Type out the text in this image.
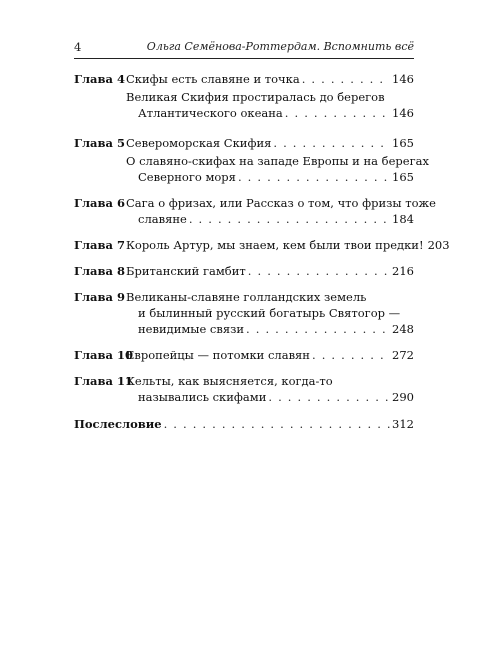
4	Ольга Семёнова-Роттердам. Вспомнить всё
Глава 4 Скифы есть славяне и точка . . .	146
Великая Скифия простиралась до берегов
Атлантического океана . . .	146
Глава 5 Североморская Скифия . . .	165
О славяно-скифах на западе Европы и на берегах
Северного моря . . .	165
Глава 6 Сага о фризах, или Рассказ о том, что фризы тоже
славяне . . .	184
Глава 7 Король Артур, мы знаем, кем были твои предки! 203
Глава 8 Британский гамбит . . .	216
Глава 9 Великаны-славяне голландских земель
и былинный русский богатырь Святогор —
невидимые связи . . .	248
Глава 10
Европейцы — потомки славян . . .	272
Глава 11
Кельты, как выясняется, когда-то
назывались скифами . . .	290
Послесловие . . .	312
